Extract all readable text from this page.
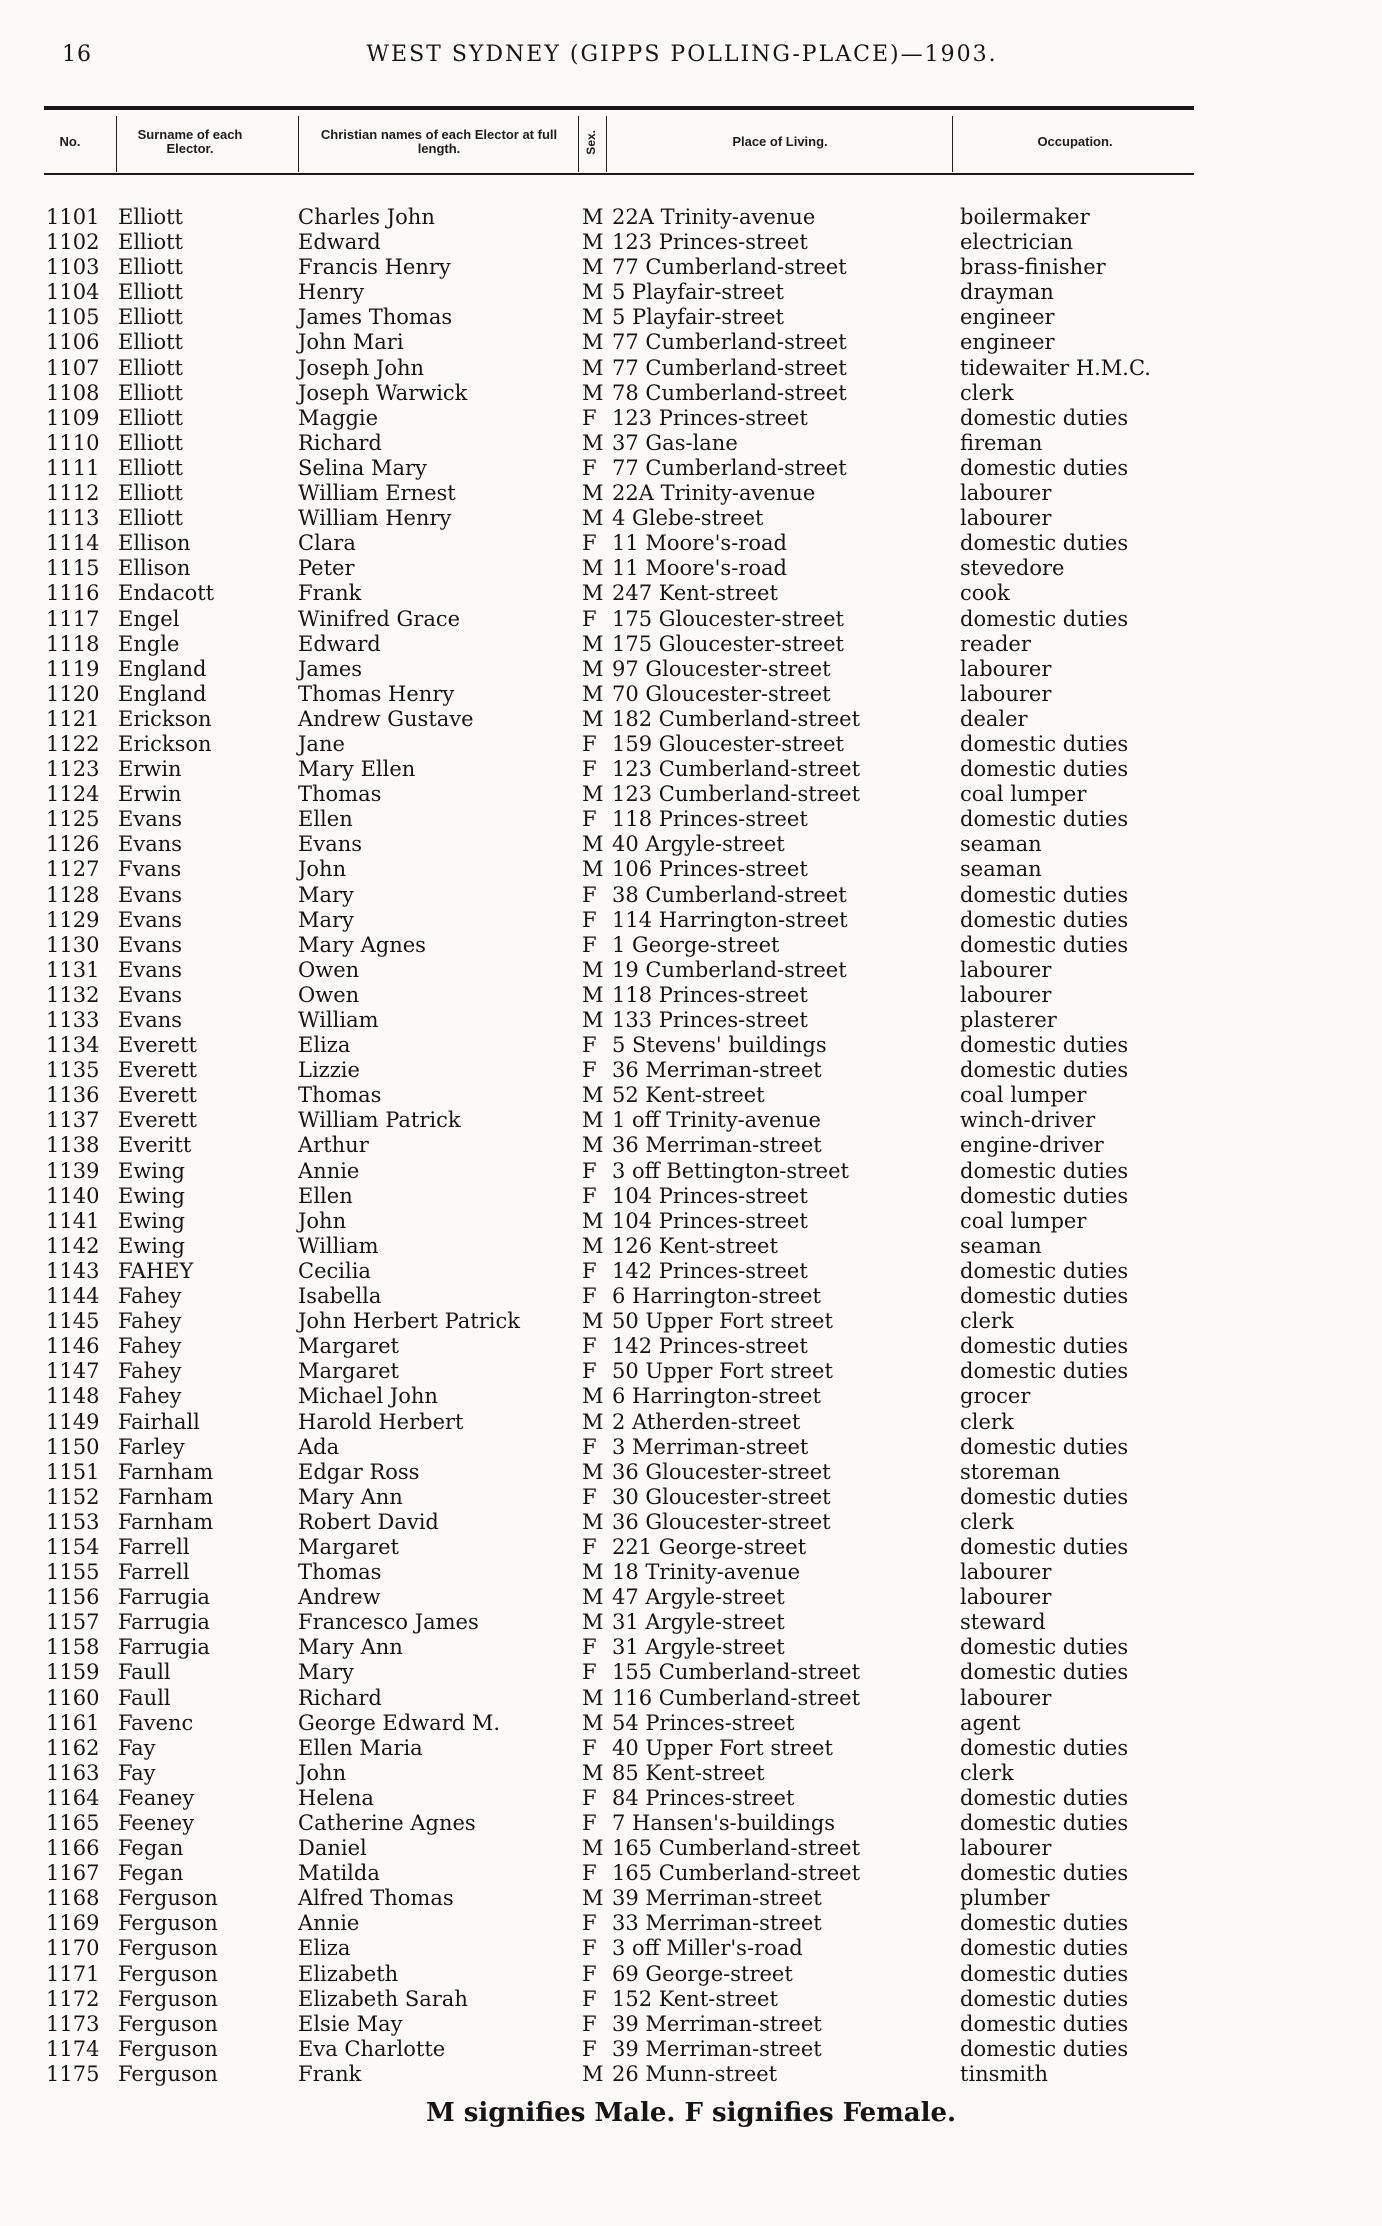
16	WEST SYDNEY (GIPPS POLLING-PLACE)—1903.
No.	Surname of each Elector.
Christian names of each Elector at full length.	Sex.	Place of Living.	Occupation.
1101 Elliott	Charles John	M 22A Trinity-avenue	boilermaker
1102 Elliott	Edward	M 123 Princes-street	electrician
1103 Elliott	Francis Henry	M 77 Cumberland-street	brass-finisher
1104 Elliott	Henry	M 5 Playfair-street	drayman
1105 Elliott	James Thomas	M 5 Playfair-street	engineer
1106 Elliott	John Mari	M 77 Cumberland-street	engineer
1107 Elliott	Joseph John	M 77 Cumberland-street	tidewaiter H.M.C.
1108 Elliott	Joseph Warwick	M 78 Cumberland-street	clerk
1109 Elliott	Maggie	F 123 Princes-street	domestic duties
1110 Elliott	Richard	M 37 Gas-lane	fireman
1111 Elliott	Selina Mary	F 77 Cumberland-street	domestic duties
1112 Elliott	William Ernest	M 22A Trinity-avenue	labourer
1113 Elliott	William Henry	M 4 Glebe-street	labourer
1114 Ellison	Clara	F 11 Moore's-road	domestic duties
1115 Ellison	Peter	M 11 Moore's-road	stevedore
1116 Endacott	Frank	M 247 Kent-street	cook
1117 Engel	Winifred Grace	F 175 Gloucester-street	domestic duties
1118 Engle	Edward	M 175 Gloucester-street	reader
1119 England	James	M 97 Gloucester-street	labourer
1120 England	Thomas Henry	M 70 Gloucester-street	labourer
1121 Erickson	Andrew Gustave	M 182 Cumberland-street	dealer
1122 Erickson	Jane	F 159 Gloucester-street	domestic duties
1123 Erwin	Mary Ellen	F 123 Cumberland-street	domestic duties
1124 Erwin	Thomas	M 123 Cumberland-street	coal lumper
1125 Evans	Ellen	F 118 Princes-street	domestic duties
1126 Evans	Evans	M 40 Argyle-street	seaman
1127 Fvans	John	M 106 Princes-street	seaman
1128 Evans	Mary	F 38 Cumberland-street	domestic duties
1129 Evans	Mary	F 114 Harrington-street	domestic duties
1130 Evans	Mary Agnes	F 1 George-street	domestic duties
1131 Evans	Owen	M 19 Cumberland-street	labourer
1132 Evans	Owen	M 118 Princes-street	labourer
1133 Evans	William	M 133 Princes-street	plasterer
1134 Everett	Eliza	F 5 Stevens' buildings	domestic duties
1135 Everett	Lizzie	F 36 Merriman-street	domestic duties
1136 Everett	Thomas	M 52 Kent-street	coal lumper
1137 Everett	William Patrick	M 1 off Trinity-avenue	winch-driver
1138 Everitt	Arthur	M 36 Merriman-street	engine-driver
1139 Ewing	Annie	F 3 off Bettington-street	domestic duties
1140 Ewing	Ellen	F 104 Princes-street	domestic duties
1141 Ewing	John	M 104 Princes-street	coal lumper
1142 Ewing	William	M 126 Kent-street	seaman
1143 FAHEY	Cecilia	F 142 Princes-street	domestic duties
1144 Fahey	Isabella	F 6 Harrington-street	domestic duties
1145 Fahey	John Herbert Patrick	M 50 Upper Fort street	clerk
1146 Fahey	Margaret	F 142 Princes-street	domestic duties
1147 Fahey	Margaret	F 50 Upper Fort street	domestic duties
1148 Fahey	Michael John	M 6 Harrington-street	grocer
1149 Fairhall	Harold Herbert	M 2 Atherden-street	clerk
1150 Farley	Ada	F 3 Merriman-street	domestic duties
1151 Farnham	Edgar Ross	M 36 Gloucester-street	storeman
1152 Farnham	Mary Ann	F 30 Gloucester-street	domestic duties
1153 Farnham	Robert David	M 36 Gloucester-street	clerk
1154 Farrell	Margaret	F 221 George-street	domestic duties
1155 Farrell	Thomas	M 18 Trinity-avenue	labourer
1156 Farrugia	Andrew	M 47 Argyle-street	labourer
1157 Farrugia	Francesco James	M 31 Argyle-street	steward
1158 Farrugia	Mary Ann	F 31 Argyle-street	domestic duties
1159 Faull	Mary	F 155 Cumberland-street	domestic duties
1160 Faull	Richard	M 116 Cumberland-street	labourer
1161 Favenc	George Edward M.	M 54 Princes-street	agent
1162 Fay	Ellen Maria	F 40 Upper Fort street	domestic duties
1163 Fay	John	M 85 Kent-street	clerk
1164 Feaney	Helena	F 84 Princes-street	domestic duties
1165 Feeney	Catherine Agnes	F 7 Hansen's-buildings	domestic duties
1166 Fegan	Daniel	M 165 Cumberland-street	labourer
1167 Fegan	Matilda	F 165 Cumberland-street	domestic duties
1168 Ferguson	Alfred Thomas	M 39 Merriman-street	plumber
1169 Ferguson	Annie	F 33 Merriman-street	domestic duties
1170 Ferguson	Eliza	F 3 off Miller's-road	domestic duties
1171 Ferguson	Elizabeth	F 69 George-street	domestic duties
1172 Ferguson	Elizabeth Sarah	F 152 Kent-street	domestic duties
1173 Ferguson	Elsie May	F 39 Merriman-street	domestic duties
1174 Ferguson	Eva Charlotte	F 39 Merriman-street	domestic duties
1175 Ferguson	Frank	M 26 Munn-street	tinsmith
M signifies Male. F signifies Female.
